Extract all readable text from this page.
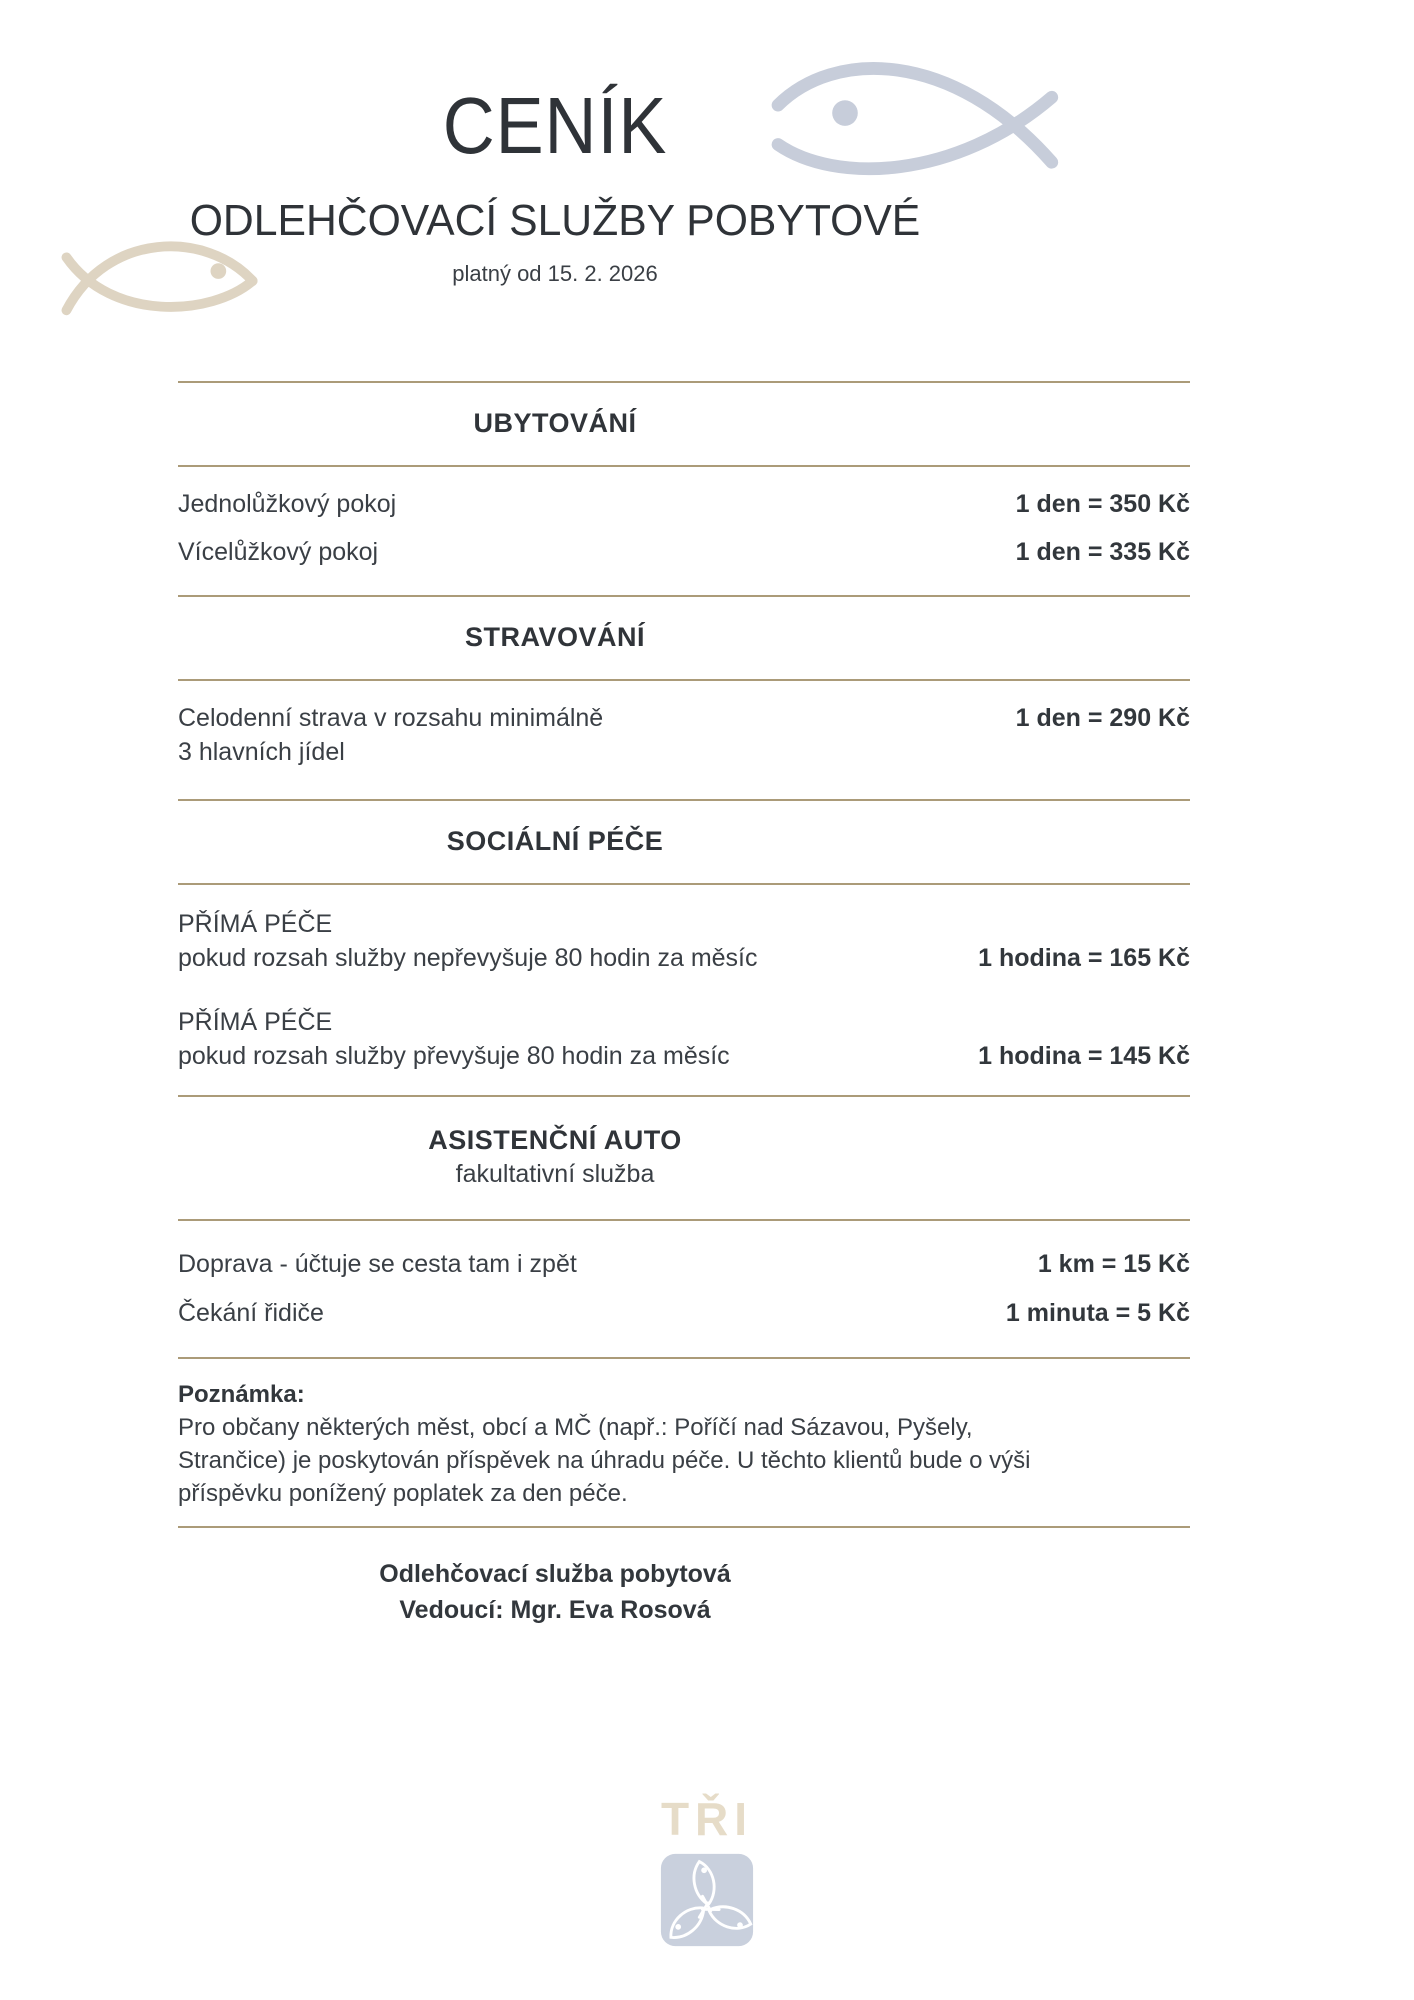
CENÍK
ODLEHČOVACÍ SLUŽBY POBYTOVÉ
platný od 15. 2. 2026
UBYTOVÁNÍ
Jednolůžkový pokoj	1 den = 350 Kč
Vícelůžkový pokoj	1 den = 335 Kč
STRAVOVÁNÍ
Celodenní strava v rozsahu minimálně
3 hlavních jídel
1 den = 290 Kč
SOCIÁLNÍ PÉČE
PŘÍMÁ PÉČE
pokud rozsah služby nepřevyšuje 80 hodin za měsíc	1 hodina = 165 Kč
PŘÍMÁ PÉČE
pokud rozsah služby převyšuje 80 hodin za měsíc	1 hodina = 145 Kč
ASISTENČNÍ AUTO
fakultativní služba
Doprava - účtuje se cesta tam i zpět	1 km = 15 Kč
Čekání řidiče	1 minuta = 5 Kč
Poznámka:
Pro občany některých měst, obcí a MČ (např.: Poříčí nad Sázavou, Pyšely,
Strančice) je poskytován příspěvek na úhradu péče. U těchto klientů bude o výši
příspěvku ponížený poplatek za den péče.
Odlehčovací služba pobytová
Vedoucí: Mgr. Eva Rosová
TŘI
